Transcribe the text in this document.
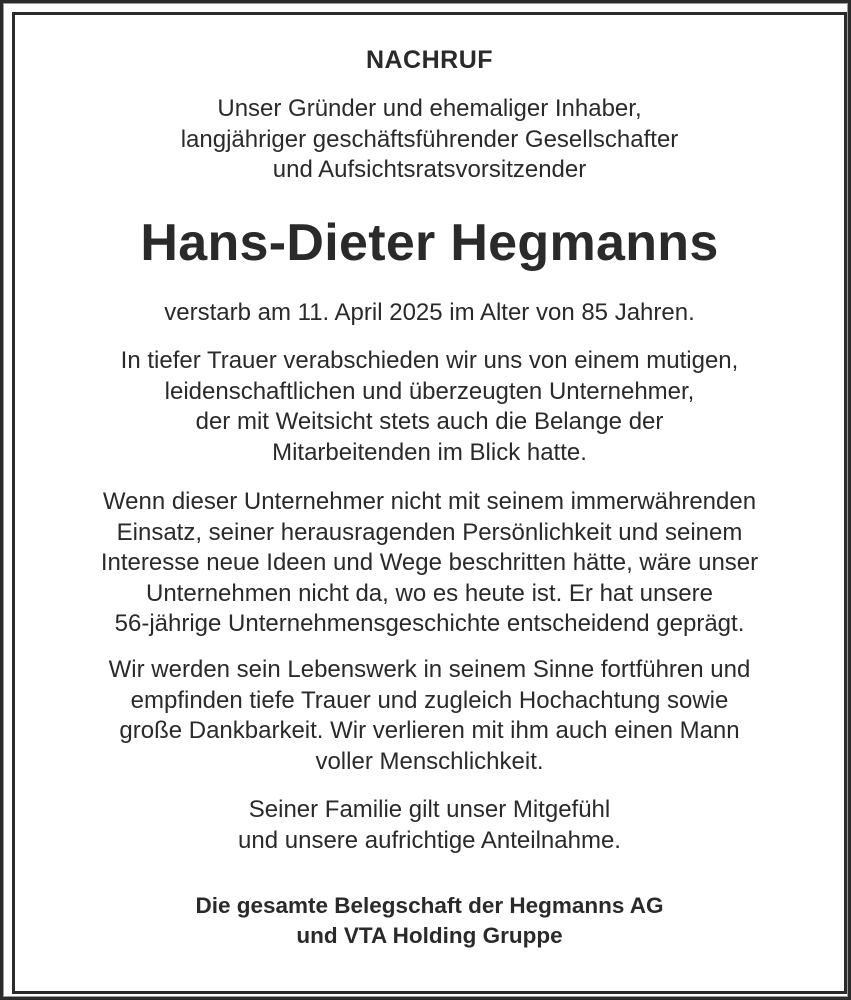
NACHRUF
Unser Gründer und ehemaliger Inhaber,
langjähriger geschäftsführender Gesellschafter
und Aufsichtsratsvorsitzender
Hans-Dieter Hegmanns
verstarb am 11. April 2025 im Alter von 85 Jahren.
In tiefer Trauer verabschieden wir uns von einem mutigen,
leidenschaftlichen und überzeugten Unternehmer,
der mit Weitsicht stets auch die Belange der
Mitarbeitenden im Blick hatte.
Wenn dieser Unternehmer nicht mit seinem immerwährenden
Einsatz, seiner herausragenden Persönlichkeit und seinem
Interesse neue Ideen und Wege beschritten hätte, wäre unser
Unternehmen nicht da, wo es heute ist. Er hat unsere
56-jährige Unternehmensgeschichte entscheidend geprägt.
Wir werden sein Lebenswerk in seinem Sinne fortführen und
empfinden tiefe Trauer und zugleich Hochachtung sowie
große Dankbarkeit. Wir verlieren mit ihm auch einen Mann
voller Menschlichkeit.
Seiner Familie gilt unser Mitgefühl
und unsere aufrichtige Anteilnahme.
Die gesamte Belegschaft der Hegmanns AG
und VTA Holding Gruppe
